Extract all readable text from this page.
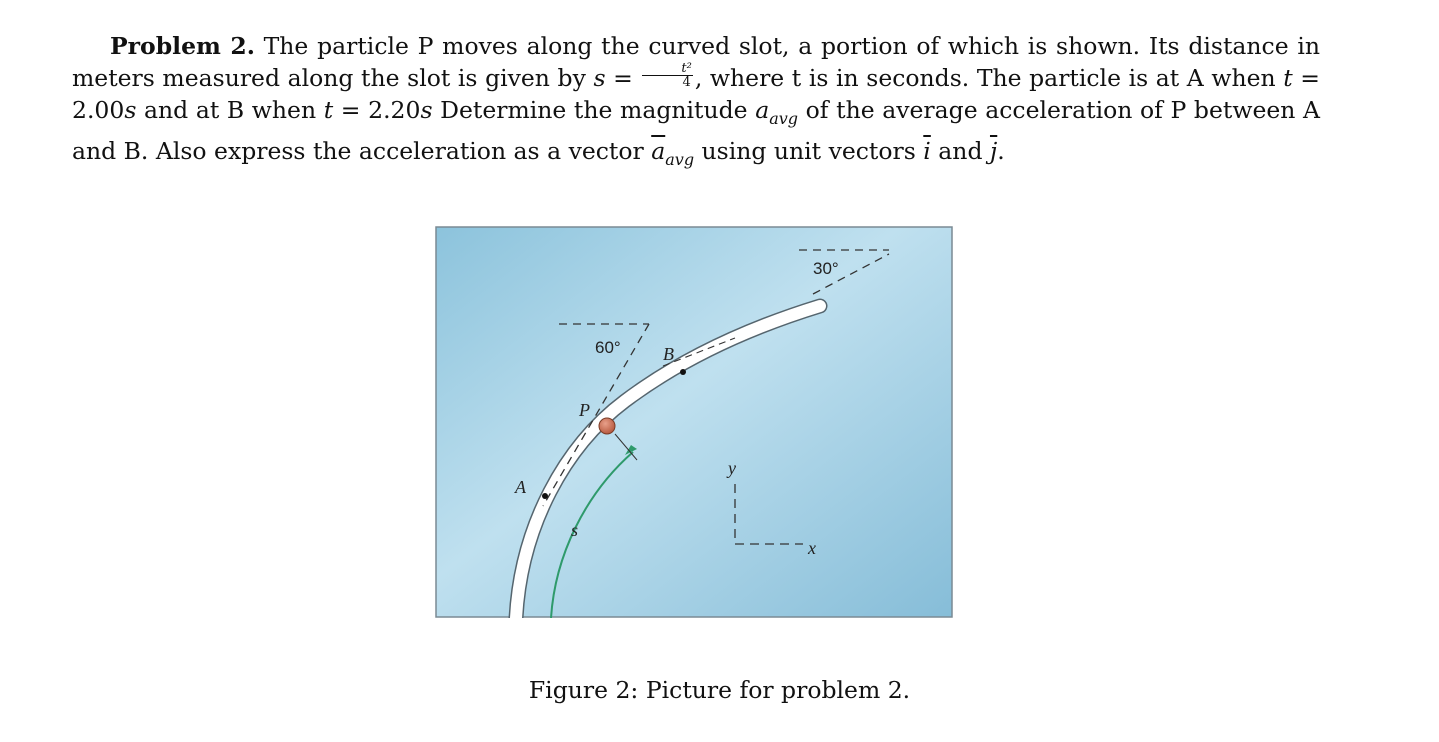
Problem 2. The particle P moves along the curved slot, a portion of which is shown. Its distance in meters measured along the slot is given by $s = \frac{\text{t²}}{4}$ , where t is in seconds. The particle is at A when t = 2.00s and at B when t = 2.20s Determine the magnitude $a_{avg}$ of the average acceleration of P between A and B. Also express the acceleration as a vector $\overline{a}_{avg}$ using unit vectors $\overline{i}$ and $\overline{j}$.

30°
60°
A
B
P
s
x
y
Figure 2: Picture for problem 2.
